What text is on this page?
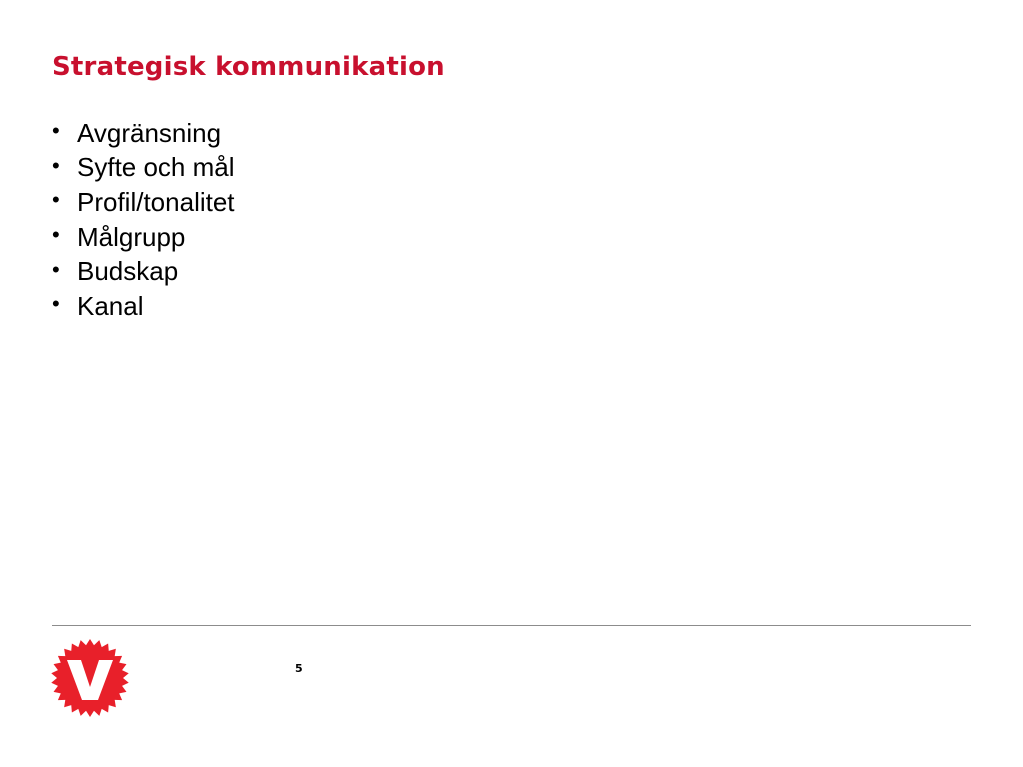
Strategisk kommunikation
• Avgränsning
• Syfte och mål
• Profil/tonalitet
• Målgrupp
• Budskap
• Kanal
5
